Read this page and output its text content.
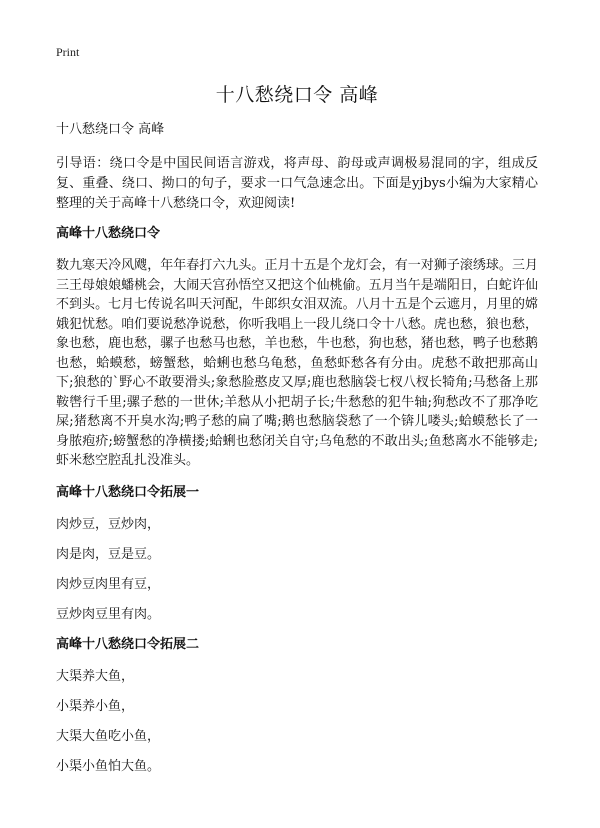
Print
十八愁绕口令 高峰
十八愁绕口令 高峰
引导语：绕口令是中国民间语言游戏，将声母、韵母或声调极易混同的字，组成反复、重叠、绕口、拗口的句子，要求一口气急速念出。下面是yjbys小编为大家精心整理的关于高峰十八愁绕口令，欢迎阅读!
高峰十八愁绕口令
数九寒天冷风飕，年年春打六九头。正月十五是个龙灯会，有一对狮子滚绣球。三月三王母娘娘蟠桃会，大闹天宫孙悟空又把这个仙桃偷。五月当午是端阳日，白蛇许仙不到头。七月七传说名叫天河配，牛郎织女泪双流。八月十五是个云遮月，月里的嫦娥犯忧愁。咱们要说愁净说愁，你听我唱上一段儿绕口令十八愁。虎也愁，狼也愁，象也愁，鹿也愁，骡子也愁马也愁，羊也愁，牛也愁，狗也愁，猪也愁，鸭子也愁鹅也愁，蛤蟆愁，螃蟹愁，蛤蜊也愁乌龟愁，鱼愁虾愁各有分由。虎愁不敢把那高山下;狼愁的`野心不敢要滑头;象愁脸憨皮又厚;鹿也愁脑袋七杈八杈长犄角;马愁备上那鞍辔行千里;骡子愁的一世休;羊愁从小把胡子长;牛愁愁的犯牛轴;狗愁改不了那净吃屎;猪愁离不开臭水沟;鸭子愁的扁了嘴;鹅也愁脑袋愁了一个锛儿喽头;蛤蟆愁长了一身脓疱疥;螃蟹愁的净横搂;蛤蜊也愁闭关自守;乌龟愁的不敢出头;鱼愁离水不能够走;虾米愁空腔乱扎没准头。
高峰十八愁绕口令拓展一
肉炒豆，豆炒肉，
肉是肉，豆是豆。
肉炒豆肉里有豆，
豆炒肉豆里有肉。
高峰十八愁绕口令拓展二
大渠养大鱼，
小渠养小鱼，
大渠大鱼吃小鱼，
小渠小鱼怕大鱼。
